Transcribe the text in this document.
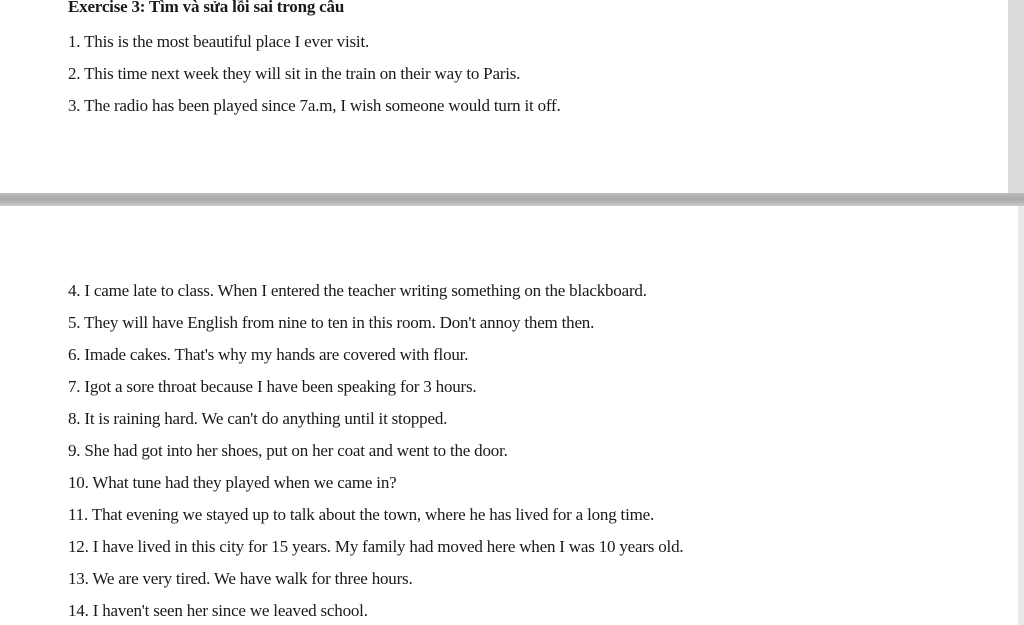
Exercise 3: Tìm và sửa lỗi sai trong câu
1. This is the most beautiful place I ever visit.
2. This time next week they will sit in the train on their way to Paris.
3. The radio has been played since 7a.m, I wish someone would turn it off.
4. I came late to class. When I entered the teacher writing something on the blackboard.
5. They will have English from nine to ten in this room. Don't annoy them then.
6. Imade cakes. That's why my hands are covered with flour.
7. Igot a sore throat because I have been speaking for 3 hours.
8. It is raining hard. We can't do anything until it stopped.
9. She had got into her shoes, put on her coat and went to the door.
10. What tune had they played when we came in?
11. That evening we stayed up to talk about the town, where he has lived for a long time.
12. I have lived in this city for 15 years. My family had moved here when I was 10 years old.
13. We are very tired. We have walk for three hours.
14. I haven't seen her since we leaved school.
